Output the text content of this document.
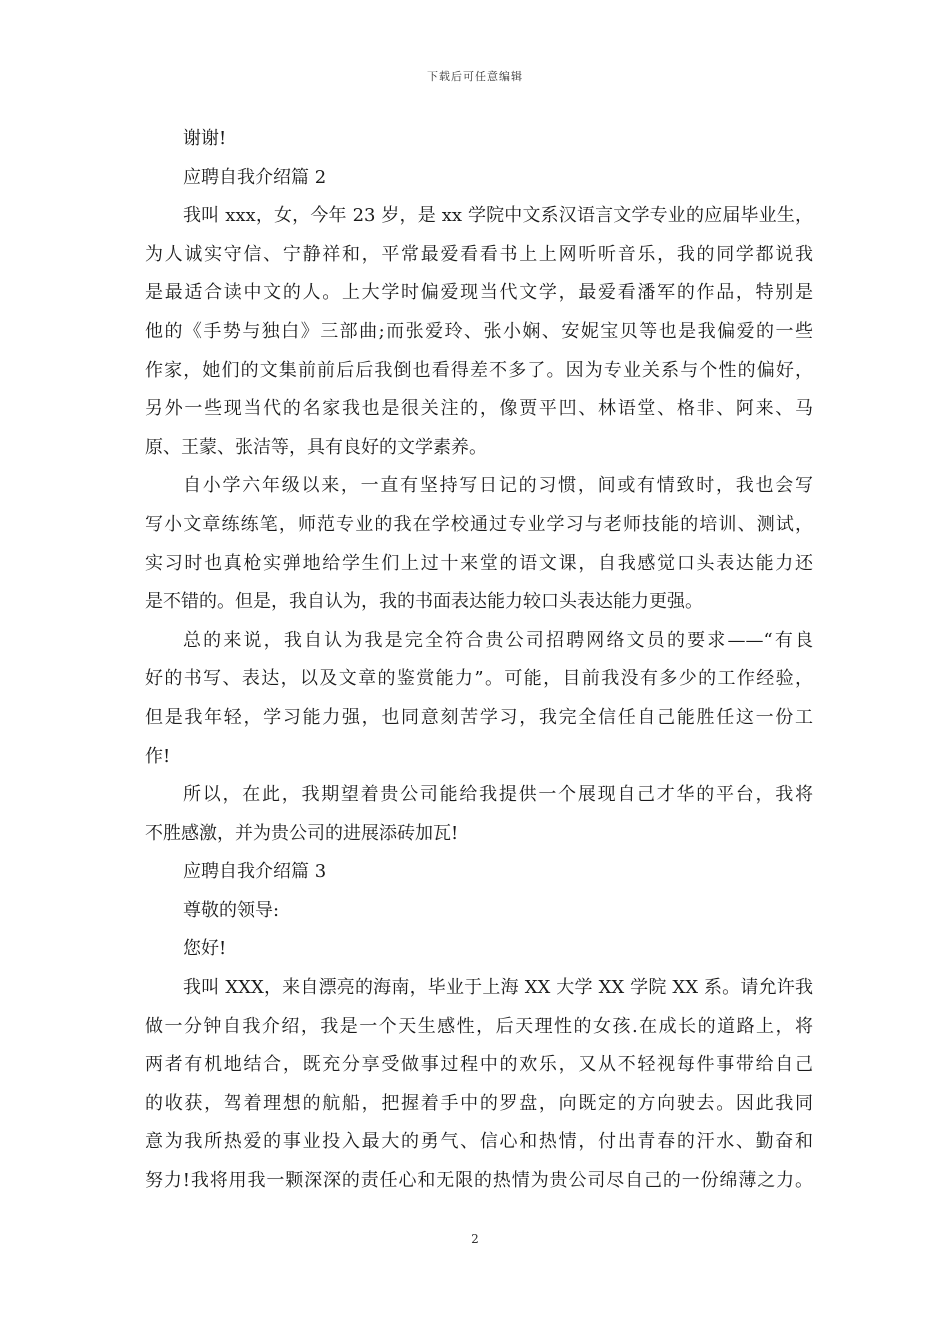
下载后可任意编辑
谢谢!
应聘自我介绍篇 2
我叫 xxx，女，今年 23 岁，是 xx 学院中文系汉语言文学专业的应届毕业生，
为人诚实守信、宁静祥和，平常最爱看看书上上网听听音乐，我的同学都说我
是最适合读中文的人。上大学时偏爱现当代文学，最爱看潘军的作品，特别是
他的《手势与独白》三部曲;而张爱玲、张小娴、安妮宝贝等也是我偏爱的一些
作家，她们的文集前前后后我倒也看得差不多了。因为专业关系与个性的偏好，
另外一些现当代的名家我也是很关注的，像贾平凹、林语堂、格非、阿来、马
原、王蒙、张洁等，具有良好的文学素养。
自小学六年级以来，一直有坚持写日记的习惯，间或有情致时，我也会写
写小文章练练笔，师范专业的我在学校通过专业学习与老师技能的培训、测试，
实习时也真枪实弹地给学生们上过十来堂的语文课，自我感觉口头表达能力还
是不错的。但是，我自认为，我的书面表达能力较口头表达能力更强。
总的来说，我自认为我是完全符合贵公司招聘网络文员的要求——“有良
好的书写、表达，以及文章的鉴赏能力”。可能，目前我没有多少的工作经验，
但是我年轻，学习能力强，也同意刻苦学习，我完全信任自己能胜任这一份工
作!
所以，在此，我期望着贵公司能给我提供一个展现自己才华的平台，我将
不胜感激，并为贵公司的进展添砖加瓦!
应聘自我介绍篇 3
尊敬的领导:
您好!
我叫 XXX，来自漂亮的海南，毕业于上海 XX 大学 XX 学院 XX 系。请允许我
做一分钟自我介绍，我是一个天生感性，后天理性的女孩.在成长的道路上，将
两者有机地结合，既充分享受做事过程中的欢乐，又从不轻视每件事带给自己
的收获，驾着理想的航船，把握着手中的罗盘，向既定的方向驶去。因此我同
意为我所热爱的事业投入最大的勇气、信心和热情，付出青春的汗水、勤奋和
努力!我将用我一颗深深的责任心和无限的热情为贵公司尽自己的一份绵薄之力。
2
